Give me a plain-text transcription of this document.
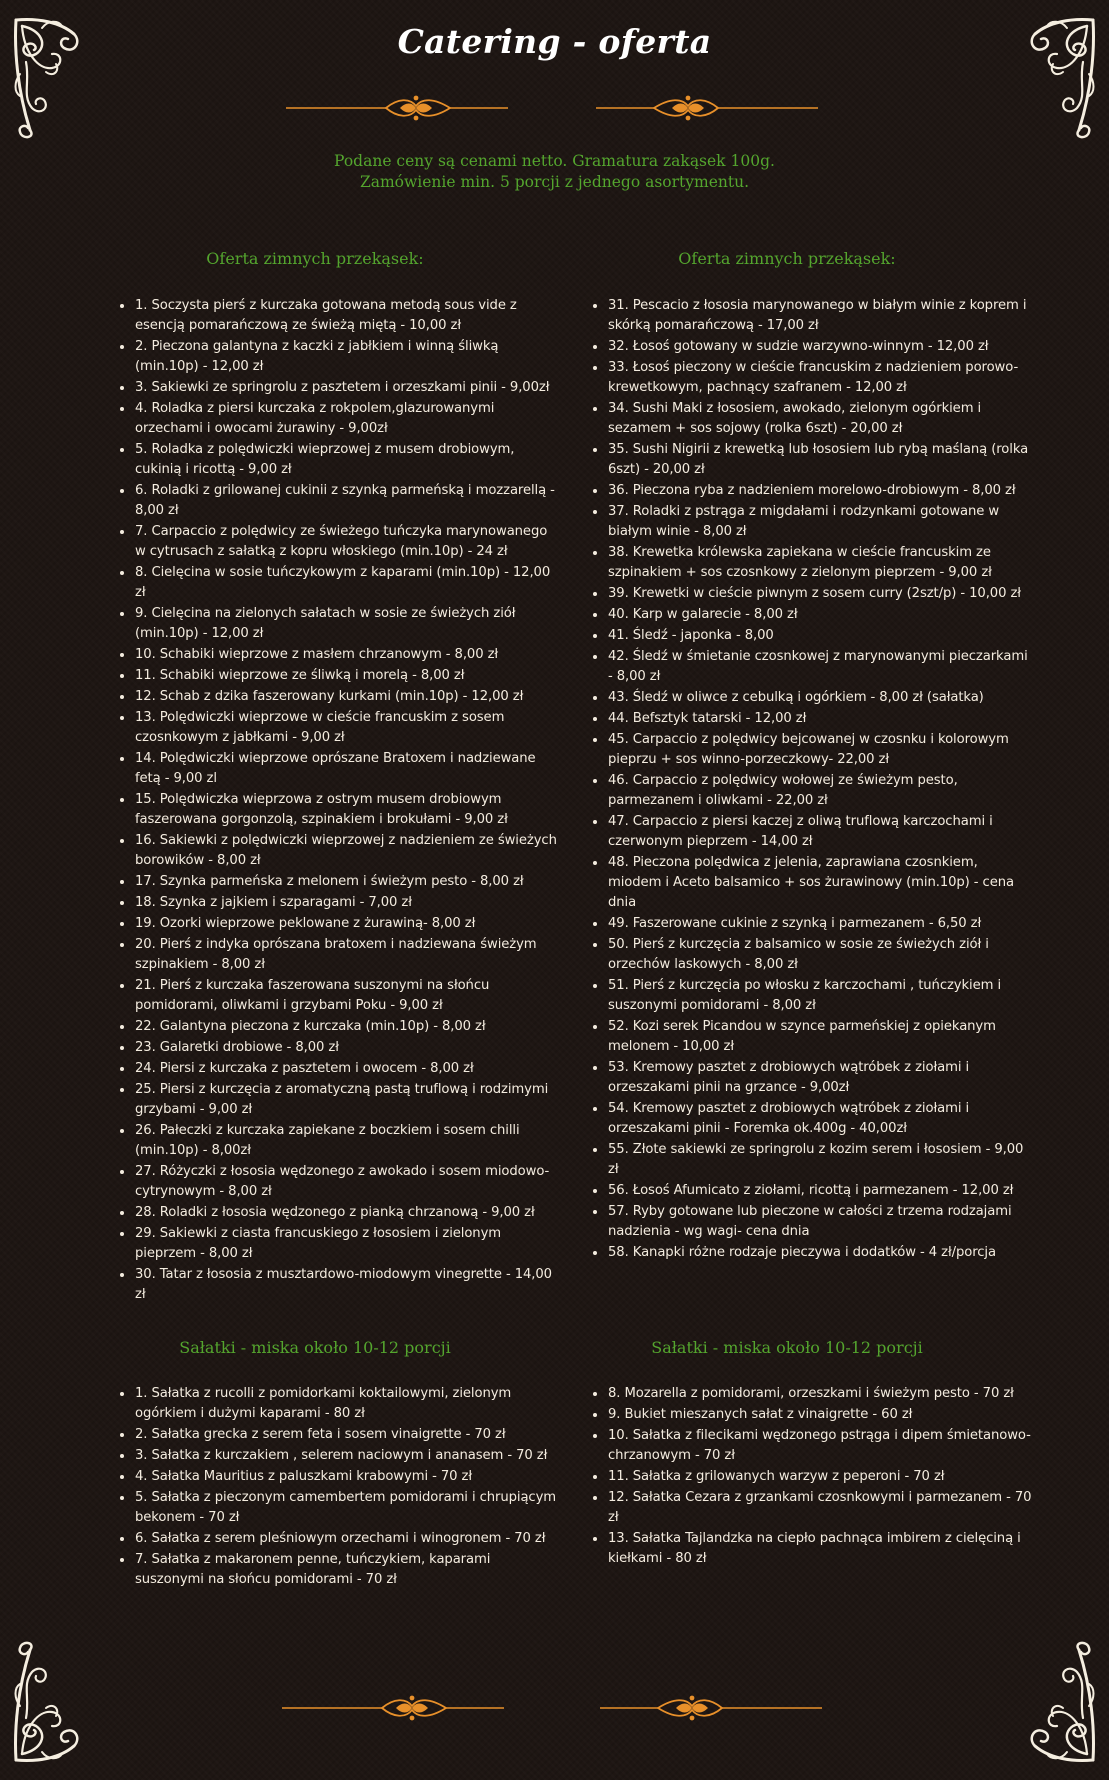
Catering - oferta
Podane ceny są cenami netto. Gramatura zakąsek 100g.
Zamówienie min. 5 porcji z jednego asortymentu.
Oferta zimnych przekąsek:	Oferta zimnych przekąsek:
• 1. Soczysta pierś z kurczaka gotowana metodą sous vide z esencją pomarańczową ze świeżą miętą - 10,00 zł
• 2. Pieczona galantyna z kaczki z jabłkiem i winną śliwką (min.10p) - 12,00 zł
• 3. Sakiewki ze springrolu z pasztetem i orzeszkami pinii - 9,00zł
• 4. Roladka z piersi kurczaka z rokpolem,glazurowanymi orzechami i owocami żurawiny - 9,00zł
• 5. Roladka z polędwiczki wieprzowej z musem drobiowym, cukinią i ricottą - 9,00 zł
• 6. Roladki z grilowanej cukinii z szynką parmeńską i mozzarellą - 8,00 zł
• 7. Carpaccio z polędwicy ze świeżego tuńczyka marynowanego w cytrusach z sałatką z kopru włoskiego (min.10p) - 24 zł
• 8. Cielęcina w sosie tuńczykowym z kaparami (min.10p) - 12,00 zł
• 9. Cielęcina na zielonych sałatach w sosie ze świeżych ziół (min.10p) - 12,00 zł
• 10. Schabiki wieprzowe z masłem chrzanowym - 8,00 zł
• 11. Schabiki wieprzowe ze śliwką i morelą - 8,00 zł
• 12. Schab z dzika faszerowany kurkami (min.10p) - 12,00 zł
• 13. Polędwiczki wieprzowe w cieście francuskim z sosem czosnkowym z jabłkami - 9,00 zł
• 14. Polędwiczki wieprzowe oprószane Bratoxem i nadziewane fetą - 9,00 zl
• 15. Polędwiczka wieprzowa z ostrym musem drobiowym faszerowana gorgonzolą, szpinakiem i brokułami - 9,00 zł
• 16. Sakiewki z polędwiczki wieprzowej z nadzieniem ze świeżych borowików - 8,00 zł
• 17. Szynka parmeńska z melonem i świeżym pesto - 8,00 zł
• 18. Szynka z jajkiem i szparagami - 7,00 zł
• 19. Ozorki wieprzowe peklowane z żurawiną- 8,00 zł
• 20. Pierś z indyka oprószana bratoxem i nadziewana świeżym szpinakiem - 8,00 zł
• 21. Pierś z kurczaka faszerowana suszonymi na słońcu pomidorami, oliwkami i grzybami Poku - 9,00 zł
• 22. Galantyna pieczona z kurczaka (min.10p) - 8,00 zł
• 23. Galaretki drobiowe - 8,00 zł
• 24. Piersi z kurczaka z pasztetem i owocem - 8,00 zł
• 25. Piersi z kurczęcia z aromatyczną pastą truflową i rodzimymi grzybami - 9,00 zł
• 26. Pałeczki z kurczaka zapiekane z boczkiem i sosem chilli (min.10p) - 8,00zł
• 27. Różyczki z łososia wędzonego z awokado i sosem miodowo-cytrynowym - 8,00 zł
• 28. Roladki z łososia wędzonego z pianką chrzanową - 9,00 zł
• 29. Sakiewki z ciasta francuskiego z łososiem i zielonym pieprzem - 8,00 zł
• 30. Tatar z łososia z musztardowo-miodowym vinegrette - 14,00 zł
• 31. Pescacio z łososia marynowanego w białym winie z koprem i skórką pomarańczową - 17,00 zł
• 32. Łosoś gotowany w sudzie warzywno-winnym - 12,00 zł
• 33. Łosoś pieczony w cieście francuskim z nadzieniem porowo-krewetkowym, pachnący szafranem - 12,00 zł
• 34. Sushi Maki z łososiem, awokado, zielonym ogórkiem i sezamem + sos sojowy (rolka 6szt) - 20,00 zł
• 35. Sushi Nigirii z krewetką lub łososiem lub rybą maślaną (rolka 6szt) - 20,00 zł
• 36. Pieczona ryba z nadzieniem morelowo-drobiowym - 8,00 zł
• 37. Roladki z pstrąga z migdałami i rodzynkami gotowane w białym winie - 8,00 zł
• 38. Krewetka królewska zapiekana w cieście francuskim ze szpinakiem + sos czosnkowy z zielonym pieprzem - 9,00 zł
• 39. Krewetki w cieście piwnym z sosem curry (2szt/p) - 10,00 zł
• 40. Karp w galarecie - 8,00 zł
• 41. Śledź - japonka - 8,00
• 42. Śledź w śmietanie czosnkowej z marynowanymi pieczarkami - 8,00 zł
• 43. Śledź w oliwce z cebulką i ogórkiem - 8,00 zł (sałatka)
• 44. Befsztyk tatarski - 12,00 zł
• 45. Carpaccio z polędwicy bejcowanej w czosnku i kolorowym pieprzu + sos winno-porzeczkowy- 22,00 zł
• 46. Carpaccio z polędwicy wołowej ze świeżym pesto, parmezanem i oliwkami - 22,00 zł
• 47. Carpaccio z piersi kaczej z oliwą truflową karczochami i czerwonym pieprzem - 14,00 zł
• 48. Pieczona polędwica z jelenia, zaprawiana czosnkiem, miodem i Aceto balsamico + sos żurawinowy (min.10p) - cena dnia
• 49. Faszerowane cukinie z szynką i parmezanem - 6,50 zł
• 50. Pierś z kurczęcia z balsamico w sosie ze świeżych ziół i orzechów laskowych - 8,00 zł
• 51. Pierś z kurczęcia po włosku z karczochami , tuńczykiem i suszonymi pomidorami - 8,00 zł
• 52. Kozi serek Picandou w szynce parmeńskiej z opiekanym melonem - 10,00 zł
• 53. Kremowy pasztet z drobiowych wątróbek z ziołami i orzeszakami pinii na grzance - 9,00zł
• 54. Kremowy pasztet z drobiowych wątróbek z ziołami i orzeszakami pinii - Foremka ok.400g - 40,00zł
• 55. Złote sakiewki ze springrolu z kozim serem i łososiem - 9,00 zł
• 56. Łosoś Afumicato z ziołami, ricottą i parmezanem - 12,00 zł
• 57. Ryby gotowane lub pieczone w całości z trzema rodzajami nadzienia - wg wagi- cena dnia
• 58. Kanapki różne rodzaje pieczywa i dodatków - 4 zł/porcja
Sałatki - miska około 10-12 porcji	Sałatki - miska około 10-12 porcji
• 1. Sałatka z rucolli z pomidorkami koktailowymi, zielonym ogórkiem i dużymi kaparami - 80 zł
• 2. Sałatka grecka z serem feta i sosem vinaigrette - 70 zł
• 3. Sałatka z kurczakiem , selerem naciowym i ananasem - 70 zł
• 4. Sałatka Mauritius z paluszkami krabowymi - 70 zł
• 5. Sałatka z pieczonym camembertem pomidorami i chrupiącym bekonem - 70 zł
• 6. Sałatka z serem pleśniowym orzechami i winogronem - 70 zł
• 7. Sałatka z makaronem penne, tuńczykiem, kaparami suszonymi na słońcu pomidorami - 70 zł
• 8. Mozarella z pomidorami, orzeszkami i świeżym pesto - 70 zł
• 9. Bukiet mieszanych sałat z vinaigrette - 60 zł
• 10. Sałatka z filecikami wędzonego pstrąga i dipem śmietanowo-chrzanowym - 70 zł
• 11. Sałatka z grilowanych warzyw z peperoni - 70 zł
• 12. Sałatka Cezara z grzankami czosnkowymi i parmezanem - 70 zł
• 13. Sałatka Tajlandzka na ciepło pachnąca imbirem z cielęciną i kiełkami - 80 zł
